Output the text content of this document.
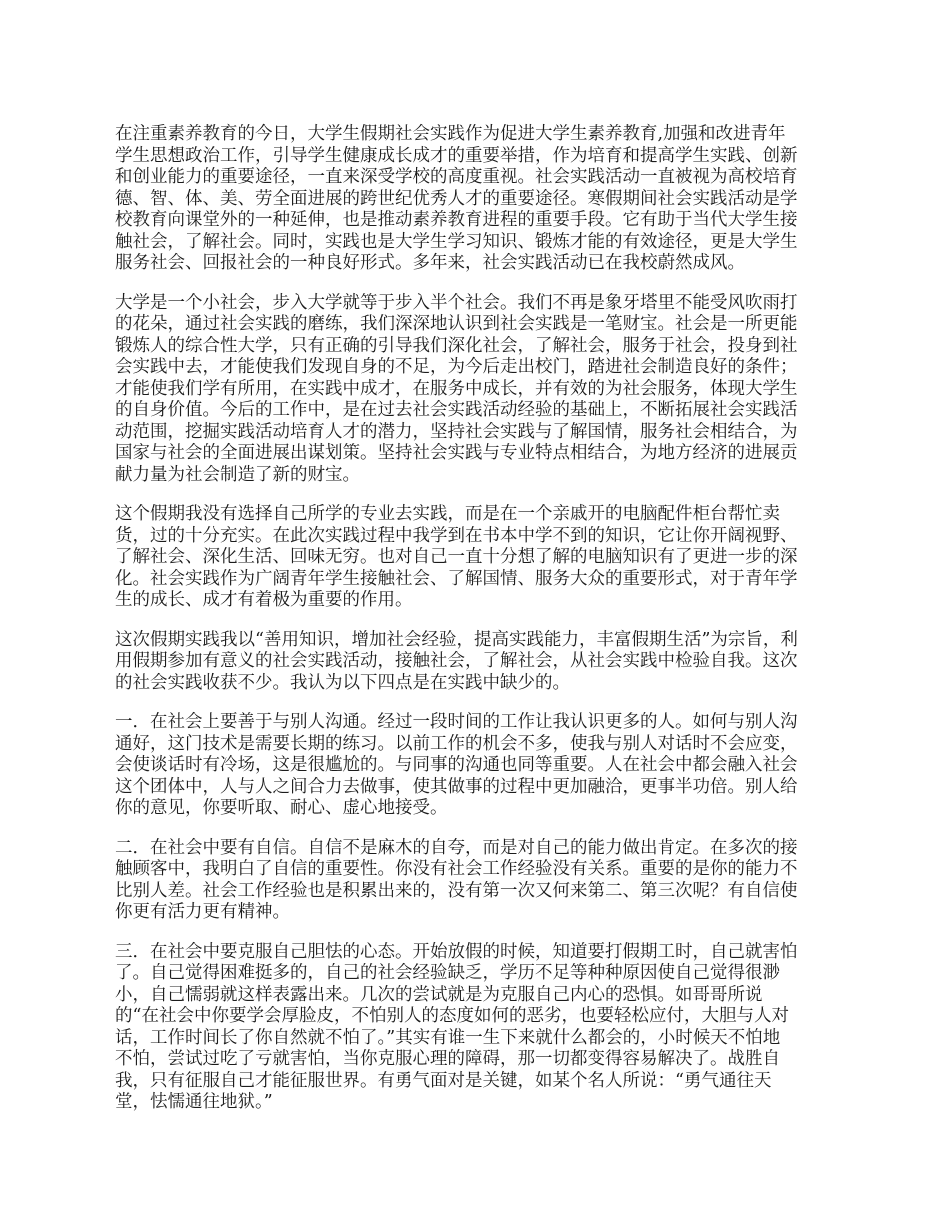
在注重素养教育的今日，大学生假期社会实践作为促进大学生素养教育,加强和改进青年
学生思想政治工作，引导学生健康成长成才的重要举措，作为培育和提高学生实践、创新
和创业能力的重要途径，一直来深受学校的高度重视。社会实践活动一直被视为高校培育
德、智、体、美、劳全面进展的跨世纪优秀人才的重要途径。寒假期间社会实践活动是学
校教育向课堂外的一种延伸，也是推动素养教育进程的重要手段。它有助于当代大学生接
触社会，了解社会。同时，实践也是大学生学习知识、锻炼才能的有效途径，更是大学生
服务社会、回报社会的一种良好形式。多年来，社会实践活动已在我校蔚然成风。
大学是一个小社会，步入大学就等于步入半个社会。我们不再是象牙塔里不能受风吹雨打
的花朵，通过社会实践的磨练，我们深深地认识到社会实践是一笔财宝。社会是一所更能
锻炼人的综合性大学，只有正确的引导我们深化社会，了解社会，服务于社会，投身到社
会实践中去，才能使我们发现自身的不足，为今后走出校门，踏进社会制造良好的条件；
才能使我们学有所用，在实践中成才，在服务中成长，并有效的为社会服务，体现大学生
的自身价值。今后的工作中，是在过去社会实践活动经验的基础上，不断拓展社会实践活
动范围，挖掘实践活动培育人才的潜力，坚持社会实践与了解国情，服务社会相结合，为
国家与社会的全面进展出谋划策。坚持社会实践与专业特点相结合，为地方经济的进展贡
献力量为社会制造了新的财宝。
这个假期我没有选择自己所学的专业去实践，而是在一个亲戚开的电脑配件柜台帮忙卖
货，过的十分充实。在此次实践过程中我学到在书本中学不到的知识，它让你开阔视野、
了解社会、深化生活、回味无穷。也对自己一直十分想了解的电脑知识有了更进一步的深
化。社会实践作为广阔青年学生接触社会、了解国情、服务大众的重要形式，对于青年学
生的成长、成才有着极为重要的作用。
这次假期实践我以“善用知识，增加社会经验，提高实践能力，丰富假期生活”为宗旨，利
用假期参加有意义的社会实践活动，接触社会，了解社会，从社会实践中检验自我。这次
的社会实践收获不少。我认为以下四点是在实践中缺少的。
一．在社会上要善于与别人沟通。经过一段时间的工作让我认识更多的人。如何与别人沟
通好，这门技术是需要长期的练习。以前工作的机会不多，使我与别人对话时不会应变，
会使谈话时有冷场，这是很尴尬的。与同事的沟通也同等重要。人在社会中都会融入社会
这个团体中，人与人之间合力去做事，使其做事的过程中更加融洽，更事半功倍。别人给
你的意见，你要听取、耐心、虚心地接受。
二．在社会中要有自信。自信不是麻木的自夸，而是对自己的能力做出肯定。在多次的接
触顾客中，我明白了自信的重要性。你没有社会工作经验没有关系。重要的是你的能力不
比别人差。社会工作经验也是积累出来的，没有第一次又何来第二、第三次呢？有自信使
你更有活力更有精神。
三．在社会中要克服自己胆怯的心态。开始放假的时候，知道要打假期工时，自己就害怕
了。自己觉得困难挺多的，自己的社会经验缺乏，学历不足等种种原因使自己觉得很渺
小，自己懦弱就这样表露出来。几次的尝试就是为克服自己内心的恐惧。如哥哥所说
的“在社会中你要学会厚脸皮，不怕别人的态度如何的恶劣，也要轻松应付，大胆与人对
话，工作时间长了你自然就不怕了。”其实有谁一生下来就什么都会的，小时候天不怕地
不怕，尝试过吃了亏就害怕，当你克服心理的障碍，那一切都变得容易解决了。战胜自
我，只有征服自己才能征服世界。有勇气面对是关键，如某个名人所说：“勇气通往天
堂，怯懦通往地狱。”
